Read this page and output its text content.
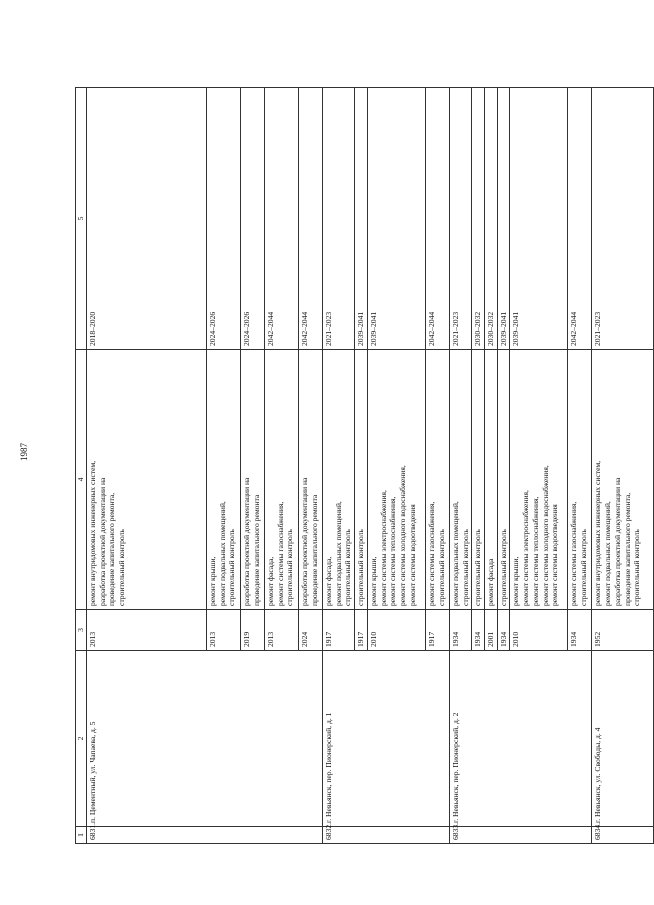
1987
1	2	3	4	5
6831.	п. Цементный, ул. Чапаева, д. 5	2013	ремонт внутридомовых инженерных систем, разработка проектной документации на проведение капитального ремонта, строительный контроль	2018–2020
		2013	ремонт крыши, ремонт подвальных помещений, строительный контроль	2024–2026
		2019	разработка проектной документации на проведение капитального ремонта	2024–2026
		2013	ремонт фасада, ремонт системы газоснабжения, строительный контроль	2042–2044
		2024	разработка проектной документации на проведение капитального ремонта	2042–2044
6832.	г. Невьянск, пер. Пионерский, д. 1	1917	ремонт фасада, ремонт подвальных помещений, строительный контроль	2021–2023
		1917	строительный контроль	2039–2041
		2010	ремонт крыши, ремонт системы электроснабжения, ремонт системы теплоснабжения, ремонт системы холодного водоснабжения, ремонт системы водоотведения	2039–2041
		1917	ремонт системы газоснабжения, строительный контроль	2042–2044
6833.	г. Невьянск, пер. Пионерский, д. 2	1934	ремонт подвальных помещений, строительный контроль	2021–2023
		1934	строительный контроль	2030–2032
		2001	ремонт фасада	2030–2032
		1934	строительный контроль	2039–2041
		2010	ремонт крыши, ремонт системы электроснабжения, ремонт системы теплоснабжения, ремонт системы холодного водоснабжения, ремонт системы водоотведения	2039–2041
		1934	ремонт системы газоснабжения, строительный контроль	2042–2044
6834.	г. Невьянск, ул. Свободы, д. 4	1952	ремонт внутридомовых инженерных систем, ремонт подвальных помещений, разработка проектной документации на проведение капитального ремонта, строительный контроль	2021–2023
